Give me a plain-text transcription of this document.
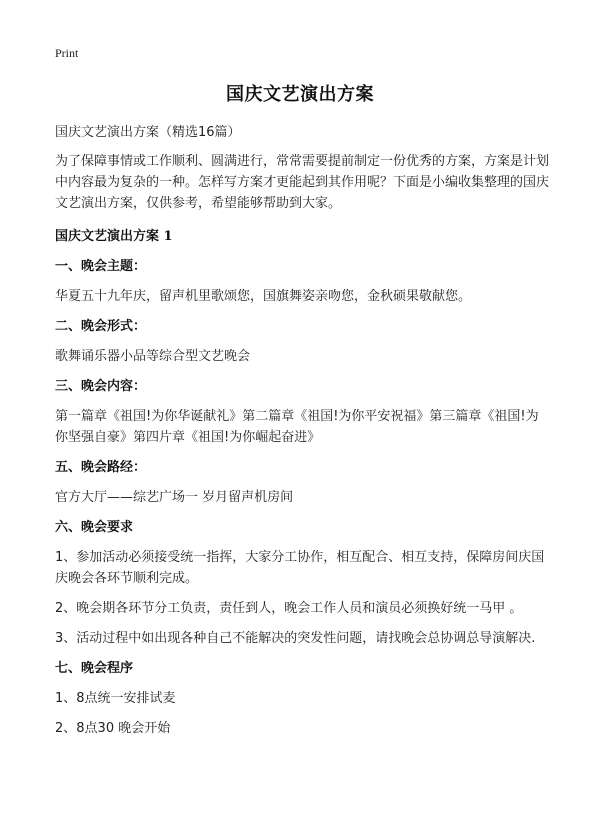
Print
国庆文艺演出方案

国庆文艺演出方案（精选16篇）

为了保障事情或工作顺利、圆满进行，常常需要提前制定一份优秀的方案，方案是计划中内容最为复杂的一种。怎样写方案才更能起到其作用呢？下面是小编收集整理的国庆文艺演出方案，仅供参考，希望能够帮助到大家。

国庆文艺演出方案 1

一、晚会主题：

华夏五十九年庆，留声机里歌颂您，国旗舞姿亲吻您，金秋硕果敬献您。

二、晚会形式：

歌舞诵乐器小品等综合型文艺晚会

三、晚会内容：

第一篇章《祖国!为你华诞献礼》第二篇章《祖国!为你平安祝福》第三篇章《祖国!为你坚强自豪》第四片章《祖国!为你崛起奋进》

五、晚会路经：

官方大厅——综艺广场一 岁月留声机房间

六、晚会要求

1、参加活动必须接受统一指挥，大家分工协作，相互配合、相互支持，保障房间庆国庆晚会各环节顺利完成。

2、晚会期各环节分工负责，责任到人，晚会工作人员和演员必须换好统一马甲 。

3、活动过程中如出现各种自己不能解决的突发性问题，请找晚会总协调总导演解决.

七、晚会程序

1、8点统一安排试麦

2、8点30 晚会开始
